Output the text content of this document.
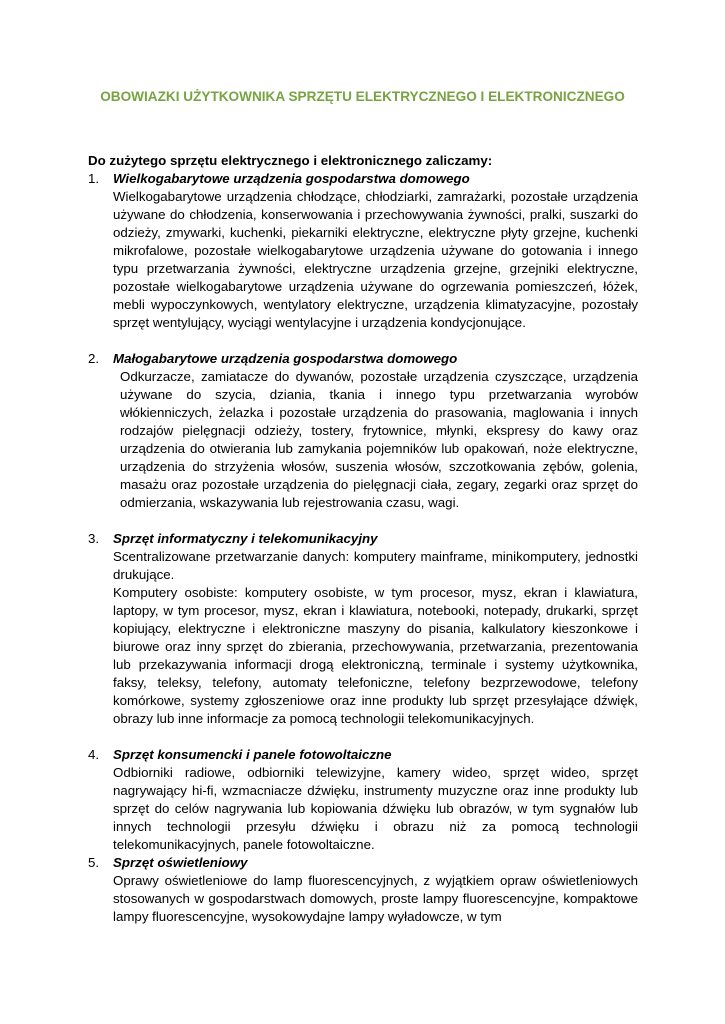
OBOWIAZKI UŻYTKOWNIKA SPRZĘTU ELEKTRYCZNEGO I ELEKTRONICZNEGO

Do zużytego sprzętu elektrycznego i elektronicznego zaliczamy:

1. Wielkogabarytowe urządzenia gospodarstwa domowego

Wielkogabarytowe urządzenia chłodzące, chłodziarki, zamrażarki, pozostałe urządzenia używane do chłodzenia, konserwowania i przechowywania żywności, pralki, suszarki do odzieży, zmywarki, kuchenki, piekarniki elektryczne, elektryczne płyty grzejne, kuchenki mikrofalowe, pozostałe wielkogabarytowe urządzenia używane do gotowania i innego typu przetwarzania żywności, elektryczne urządzenia grzejne, grzejniki elektryczne, pozostałe wielkogabarytowe urządzenia używane do ogrzewania pomieszczeń, łóżek, mebli wypoczynkowych, wentylatory elektryczne, urządzenia klimatyzacyjne, pozostały sprzęt wentylujący, wyciągi wentylacyjne i urządzenia kondycjonujące.

2. Małogabarytowe urządzenia gospodarstwa domowego

Odkurzacze, zamiatacze do dywanów, pozostałe urządzenia czyszczące, urządzenia używane do szycia, dziania, tkania i innego typu przetwarzania wyrobów włókienniczych, żelazka i pozostałe urządzenia do prasowania, maglowania i innych rodzajów pielęgnacji odzieży, tostery, frytownice, młynki, ekspresy do kawy oraz urządzenia do otwierania lub zamykania pojemników lub opakowań, noże elektryczne, urządzenia do strzyżenia włosów, suszenia włosów, szczotkowania zębów, golenia, masażu oraz pozostałe urządzenia do pielęgnacji ciała, zegary, zegarki oraz sprzęt do odmierzania, wskazywania lub rejestrowania czasu, wagi.

3. Sprzęt informatyczny i telekomunikacyjny

Scentralizowane przetwarzanie danych: komputery mainframe, minikomputery, jednostki drukujące.

Komputery osobiste: komputery osobiste, w tym procesor, mysz, ekran i klawiatura, laptopy, w tym procesor, mysz, ekran i klawiatura, notebooki, notepady, drukarki, sprzęt kopiujący, elektryczne i elektroniczne maszyny do pisania, kalkulatory kieszonkowe i biurowe oraz inny sprzęt do zbierania, przechowywania, przetwarzania, prezentowania lub przekazywania informacji drogą elektroniczną, terminale i systemy użytkownika, faksy, teleksy, telefony, automaty telefoniczne, telefony bezprzewodowe, telefony komórkowe, systemy zgłoszeniowe oraz inne produkty lub sprzęt przesyłające dźwięk, obrazy lub inne informacje za pomocą technologii telekomunikacyjnych.

4. Sprzęt konsumencki i panele fotowoltaiczne

Odbiorniki radiowe, odbiorniki telewizyjne, kamery wideo, sprzęt wideo, sprzęt nagrywający hi-fi, wzmacniacze dźwięku, instrumenty muzyczne oraz inne produkty lub sprzęt do celów nagrywania lub kopiowania dźwięku lub obrazów, w tym sygnałów lub innych technologii przesyłu dźwięku i obrazu niż za pomocą technologii telekomunikacyjnych, panele fotowoltaiczne.

5. Sprzęt oświetleniowy

Oprawy oświetleniowe do lamp fluorescencyjnych, z wyjątkiem opraw oświetleniowych stosowanych w gospodarstwach domowych, proste lampy fluorescencyjne, kompaktowe lampy fluorescencyjne, wysokowydajne lampy wyładowcze, w tym
